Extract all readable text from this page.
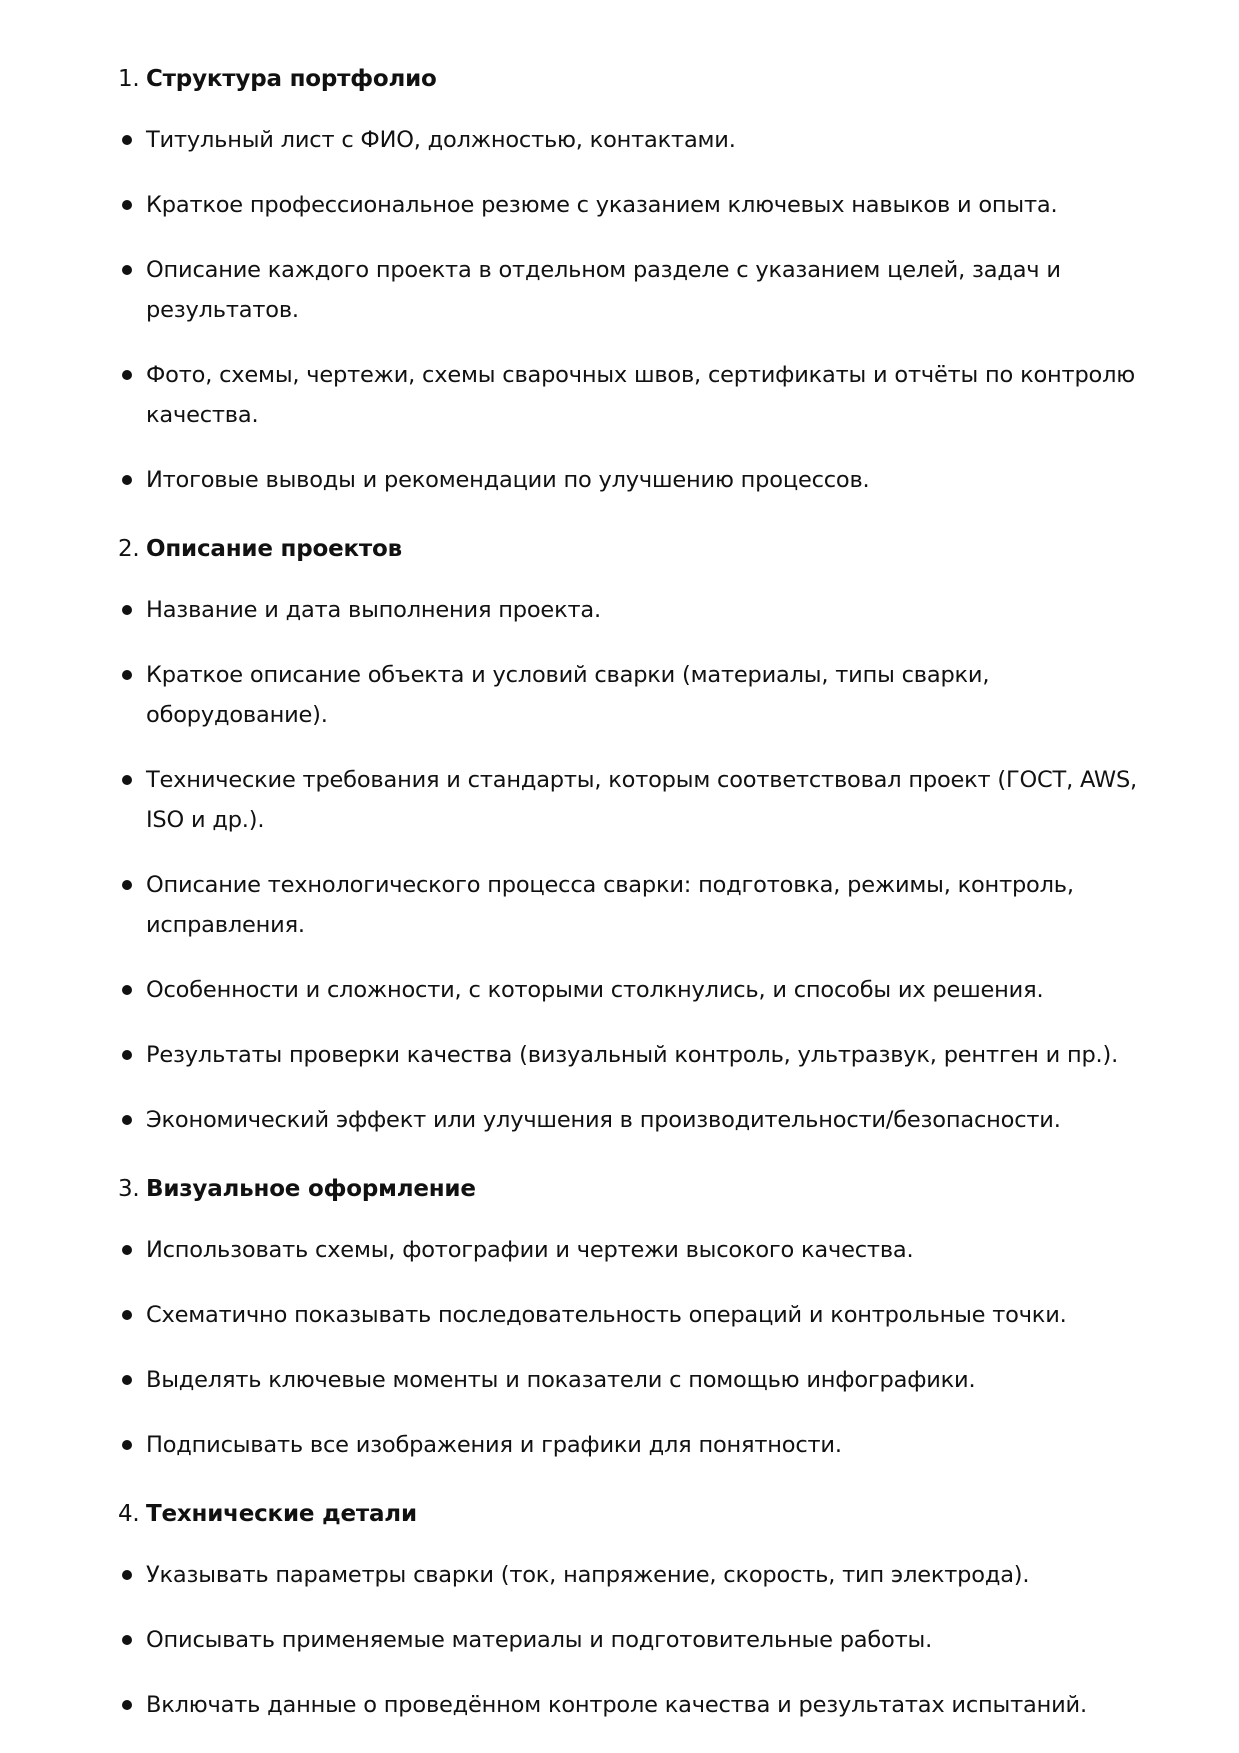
1. Структура портфолио
Титульный лист с ФИО, должностью, контактами.
Краткое профессиональное резюме с указанием ключевых навыков и опыта.
Описание каждого проекта в отдельном разделе с указанием целей, задач и результатов.
Фото, схемы, чертежи, схемы сварочных швов, сертификаты и отчёты по контролю качества.
Итоговые выводы и рекомендации по улучшению процессов.
2. Описание проектов
Название и дата выполнения проекта.
Краткое описание объекта и условий сварки (материалы, типы сварки, оборудование).
Технические требования и стандарты, которым соответствовал проект (ГОСТ, AWS, ISO и др.).
Описание технологического процесса сварки: подготовка, режимы, контроль, исправления.
Особенности и сложности, с которыми столкнулись, и способы их решения.
Результаты проверки качества (визуальный контроль, ультразвук, рентген и пр.).
Экономический эффект или улучшения в производительности/безопасности.
3. Визуальное оформление
Использовать схемы, фотографии и чертежи высокого качества.
Схематично показывать последовательность операций и контрольные точки.
Выделять ключевые моменты и показатели с помощью инфографики.
Подписывать все изображения и графики для понятности.
4. Технические детали
Указывать параметры сварки (ток, напряжение, скорость, тип электрода).
Описывать применяемые материалы и подготовительные работы.
Включать данные о проведённом контроле качества и результатах испытаний.
